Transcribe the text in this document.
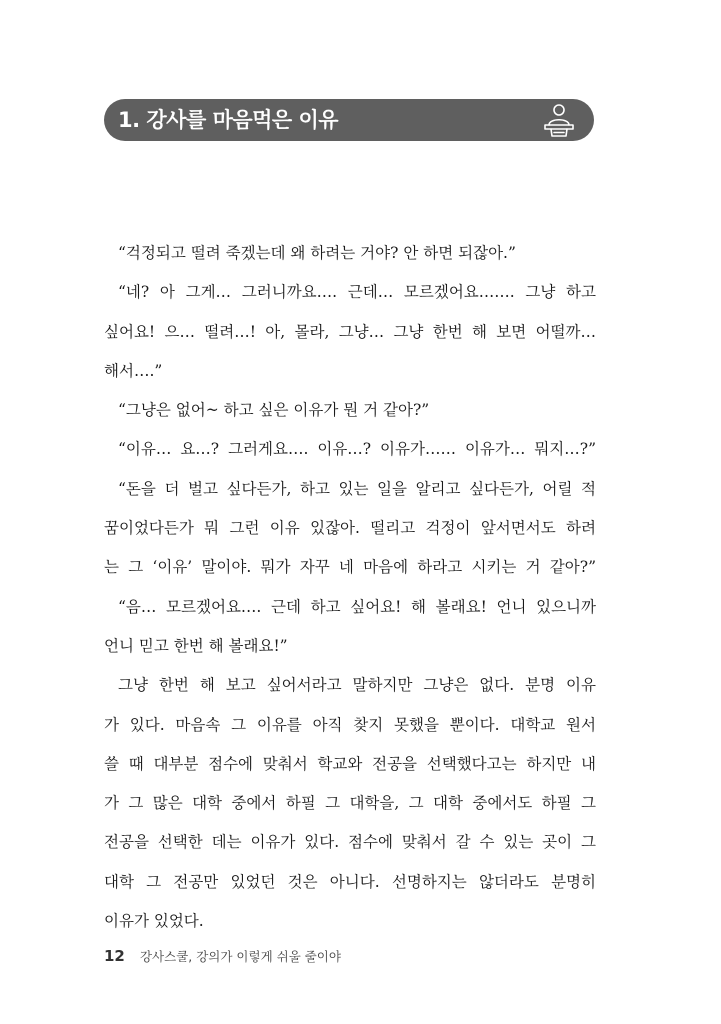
1. 강사를 마음먹은 이유
“걱정되고 떨려 죽겠는데 왜 하려는 거야? 안 하면 되잖아.”
“네? 아 그게… 그러니까요…. 근데… 모르겠어요……. 그냥 하고
싶어요! 으… 떨려…! 아, 몰라, 그냥… 그냥 한번 해 보면 어떨까…
해서….”
“그냥은 없어~ 하고 싶은 이유가 뭔 거 같아?”
“이유… 요…? 그러게요…. 이유…? 이유가…… 이유가… 뭐지…?”
“돈을 더 벌고 싶다든가, 하고 있는 일을 알리고 싶다든가, 어릴 적
꿈이었다든가 뭐 그런 이유 있잖아. 떨리고 걱정이 앞서면서도 하려
는 그 ‘이유’ 말이야. 뭐가 자꾸 네 마음에 하라고 시키는 거 같아?”
“음… 모르겠어요…. 근데 하고 싶어요! 해 볼래요! 언니 있으니까
언니 믿고 한번 해 볼래요!”
그냥 한번 해 보고 싶어서라고 말하지만 그냥은 없다. 분명 이유
가 있다. 마음속 그 이유를 아직 찾지 못했을 뿐이다. 대학교 원서
쓸 때 대부분 점수에 맞춰서 학교와 전공을 선택했다고는 하지만 내
가 그 많은 대학 중에서 하필 그 대학을, 그 대학 중에서도 하필 그
전공을 선택한 데는 이유가 있다. 점수에 맞춰서 갈 수 있는 곳이 그
대학 그 전공만 있었던 것은 아니다. 선명하지는 않더라도 분명히
이유가 있었다.
12 강사스쿨, 강의가 이렇게 쉬울 줄이야
